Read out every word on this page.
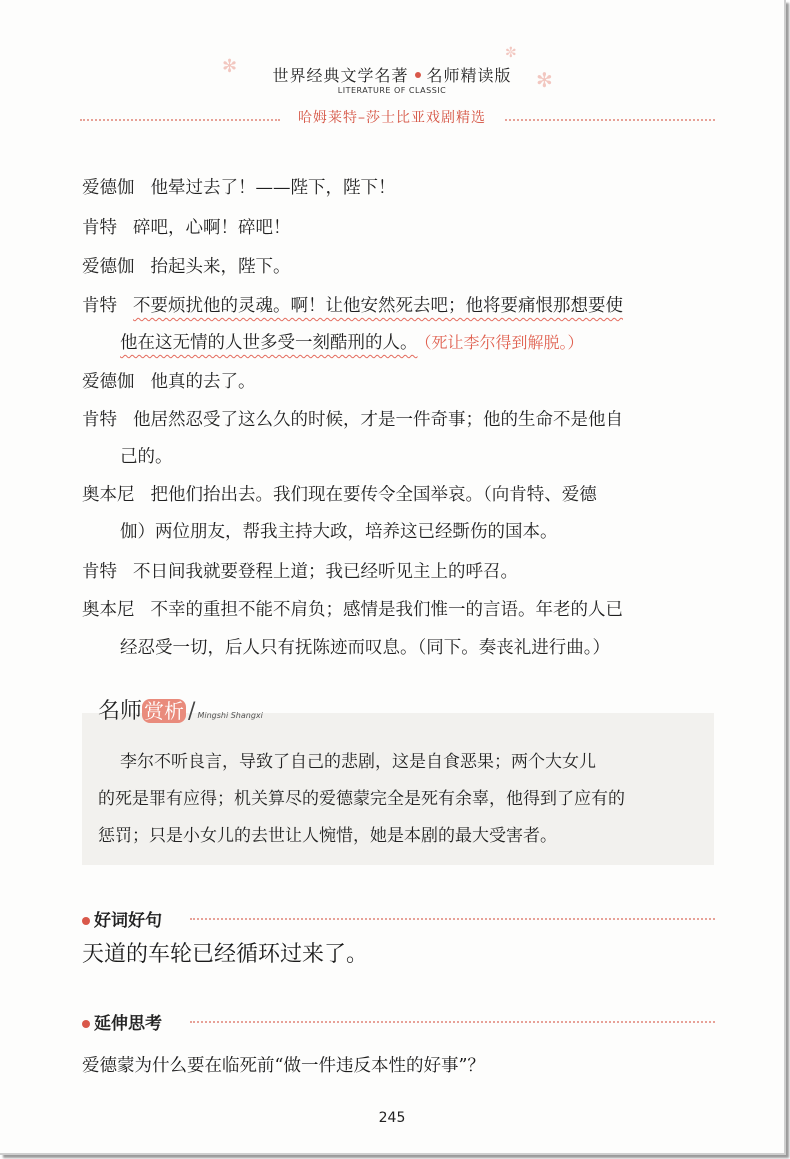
✻
✼
✻
世界经典文学名著 名师精读版
LITERATURE OF CLASSIC
哈姆莱特–莎士比亚戏剧精选
爱德伽 他晕过去了！——陛下，陛下！
肯特 碎吧，心啊！碎吧！
爱德伽 抬起头来，陛下。
肯特 不要烦扰他的灵魂。啊！让他安然死去吧；他将要痛恨那想要使
他在这无情的人世多受一刻酷刑的人。 （死让李尔得到解脱。）
爱德伽 他真的去了。
肯特 他居然忍受了这么久的时候，才是一件奇事；他的生命不是他自
己的。
奥本尼 把他们抬出去。我们现在要传令全国举哀。（向肯特、爱德
伽）两位朋友，帮我主持大政，培养这已经斲伤的国本。
肯特 不日间我就要登程上道；我已经听见主上的呼召。
奥本尼 不幸的重担不能不肩负；感情是我们惟一的言语。年老的人已
经忍受一切，后人只有抚陈迹而叹息。（同下。奏丧礼进行曲。）
名师 赏析 / Mingshi Shangxi
李尔不听良言，导致了自己的悲剧，这是自食恶果；两个大女儿
的死是罪有应得；机关算尽的爱德蒙完全是死有余辜，他得到了应有的
惩罚；只是小女儿的去世让人惋惜，她是本剧的最大受害者。
好词好句
天道的车轮已经循环过来了。
延伸思考
爱德蒙为什么要在临死前“做一件违反本性的好事”？
245
